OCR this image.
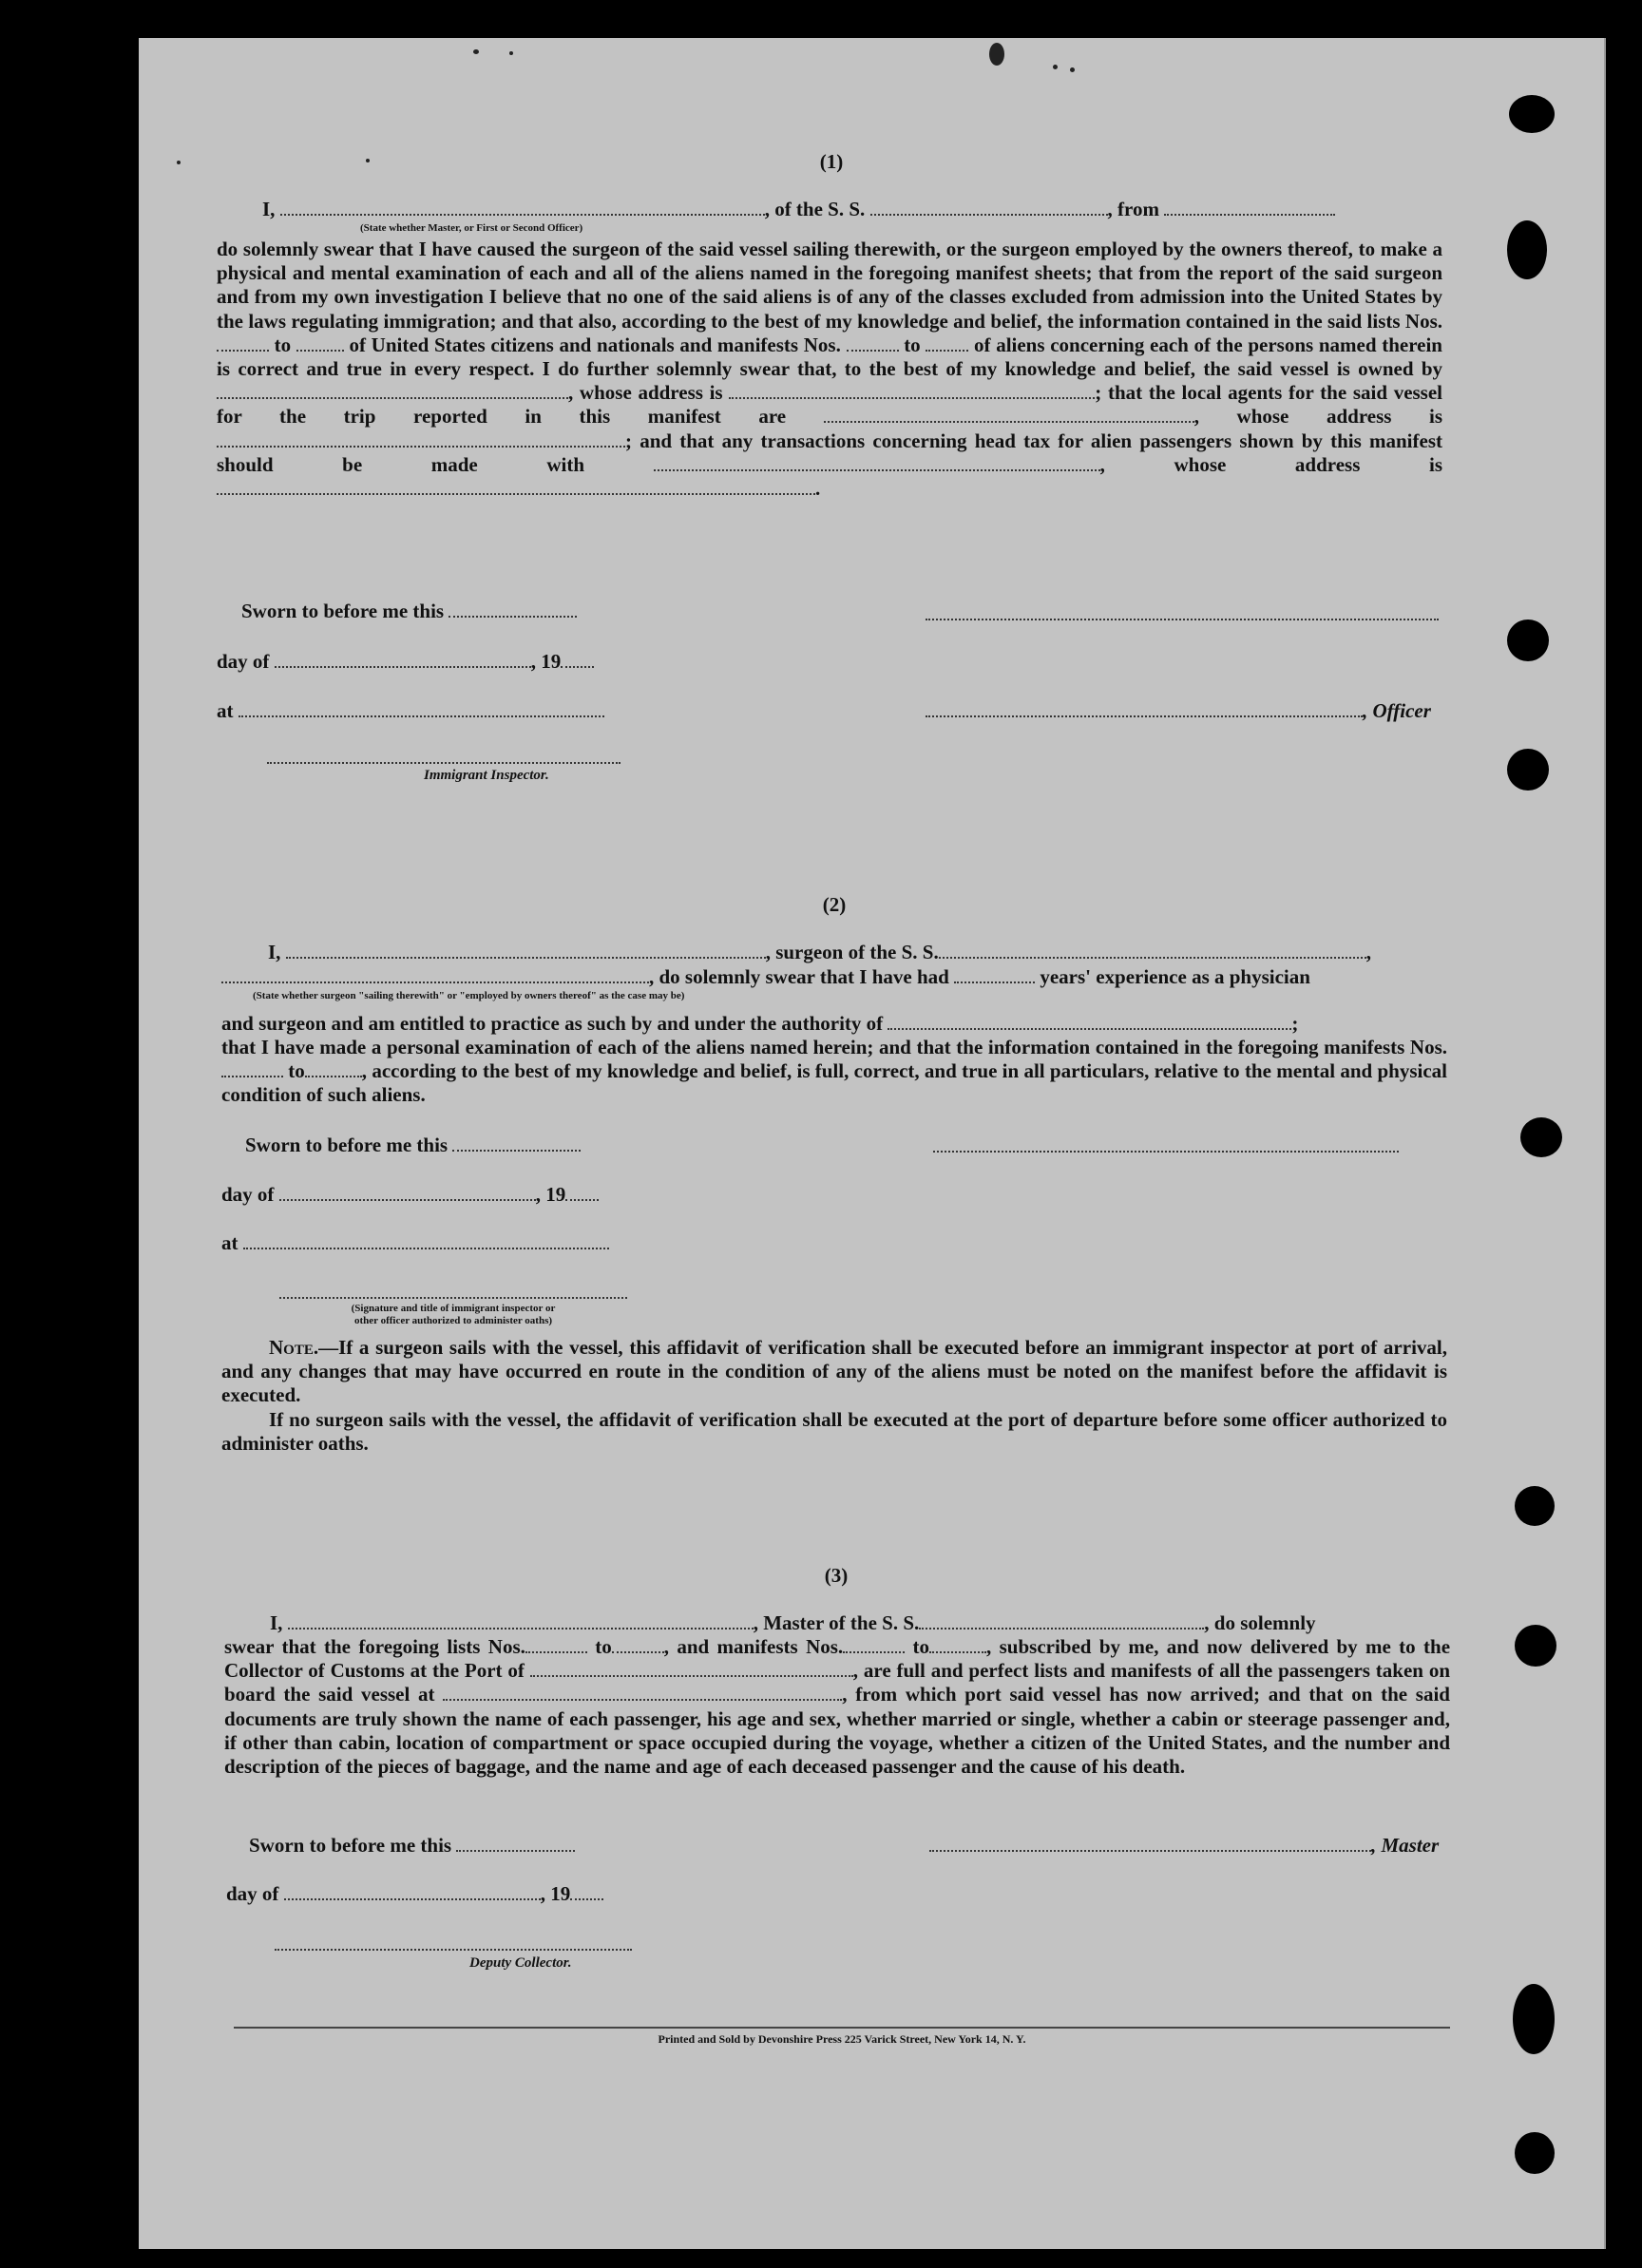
(1)
I,	, of the S. S.	, from
(State whether Master, or First or Second Officer)

do solemnly swear that I have caused the surgeon of the said vessel sailing therewith, or the surgeon employed by the owners thereof, to make a physical and mental examination of each and all of the aliens named in the foregoing manifest sheets; that from the report of the said surgeon and from my own investigation I believe that no one of the said aliens is of any of the classes excluded from admission into the United States by the laws regulating immigration; and that also, according to the best of my knowledge and belief, the information contained in the said lists Nos.  to	of United States citizens and nationals and manifests Nos.	to	of aliens concerning each of the persons named therein is correct and true in every respect. I do further solemnly swear that, to the best of my knowledge and belief, the said vessel is owned by , whose address is	; that the local agents for the said vessel for the trip reported in this manifest are	, whose address is ; and that any transactions concerning head tax for alien passengers shown by this manifest should be made with	, whose address is .

Sworn to before me this
day of	, 19
at	, Officer
Immigrant Inspector.
(2)
I,	, surgeon of the S. S.	,
, do solemnly swear that I have had	years' experience as a physician
(State whether surgeon "sailing therewith" or "employed by owners thereof" as the case may be)
and surgeon and am entitled to practice as such by and under the authority of	;

that I have made a personal examination of each of the aliens named herein; and that the information contained in the foregoing manifests Nos. to	, according to the best of my knowledge and belief, is full, correct, and true in all particulars, relative to the mental and physical condition of such aliens.

Sworn to before me this
day of	, 19
at
(Signature and title of immigrant inspector or
other officer authorized to administer oaths)

Note.—If a surgeon sails with the vessel, this affidavit of verification shall be executed before an immigrant inspector at port of arrival, and any changes that may have occurred en route in the condition of any of the aliens must be noted on the manifest before the affidavit is executed.

If no surgeon sails with the vessel, the affidavit of verification shall be executed at the port of departure before some officer authorized to administer oaths.

(3)
I,	, Master of the S. S.	, do solemnly

swear that the foregoing lists Nos.	to	, and manifests Nos.	to	, subscribed by me, and now delivered by me to the Collector of Customs at the Port of	, are full and perfect lists and manifests of all the passengers taken on board the said vessel at	, from which port said vessel has now arrived; and that on the said documents are truly shown the name of each passenger, his age and sex, whether married or single, whether a cabin or steerage passenger and, if other than cabin, location of compartment or space occupied during the voyage, whether a citizen of the United States, and the number and description of the pieces of baggage, and the name and age of each deceased passenger and the cause of his death.

Sworn to before me this	, Master
day of	, 19
Deputy Collector.
Printed and Sold by Devonshire Press 225 Varick Street, New York 14, N. Y.
